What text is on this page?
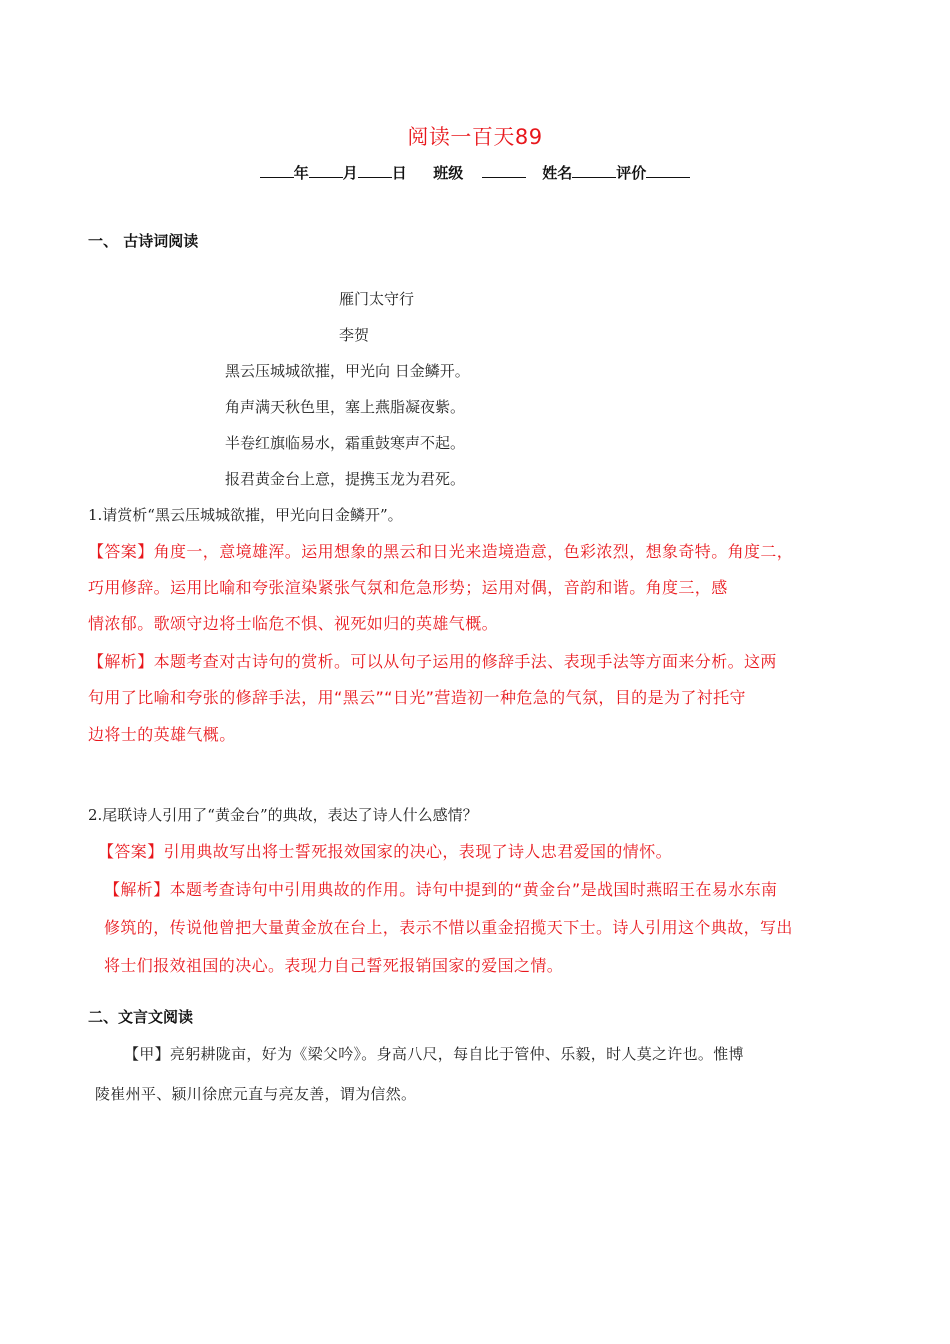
阅读一百天89
年 月 日 班级	姓名	评价
一、 古诗词阅读
雁门太守行
李贺
黑云压城城欲摧，甲光向 日金鳞开。
角声满天秋色里，塞上燕脂凝夜紫。
半卷红旗临易水，霜重鼓寒声不起。
报君黄金台上意，提携玉龙为君死。
1.请赏析“黑云压城城欲摧，甲光向日金鳞开”。
【答案】角度一，意境雄浑。运用想象的黑云和日光来造境造意，色彩浓烈，想象奇特。角度二，
巧用修辞。运用比喻和夸张渲染紧张气氛和危急形势；运用对偶，音韵和谐。角度三，感
情浓郁。歌颂守边将士临危不惧、视死如归的英雄气概。
【解析】本题考查对古诗句的赏析。可以从句子运用的修辞手法、表现手法等方面来分析。这两
句用了比喻和夸张的修辞手法，用“黑云”“日光”营造初一种危急的气氛，目的是为了衬托守
边将士的英雄气概。
2.尾联诗人引用了“黄金台”的典故，表达了诗人什么感情？
【答案】引用典故写出将士誓死报效国家的决心，表现了诗人忠君爱国的情怀。
【解析】本题考查诗句中引用典故的作用。诗句中提到的“黄金台”是战国时燕昭王在易水东南
修筑的，传说他曾把大量黄金放在台上，表示不惜以重金招揽天下士。诗人引用这个典故，写出
将士们报效祖国的决心。表现力自己誓死报销国家的爱国之情。
二、文言文阅读
【甲】亮躬耕陇亩，好为《梁父吟》。身高八尺，每自比于管仲、乐毅，时人莫之许也。惟博
陵崔州平、颍川徐庶元直与亮友善，谓为信然。
